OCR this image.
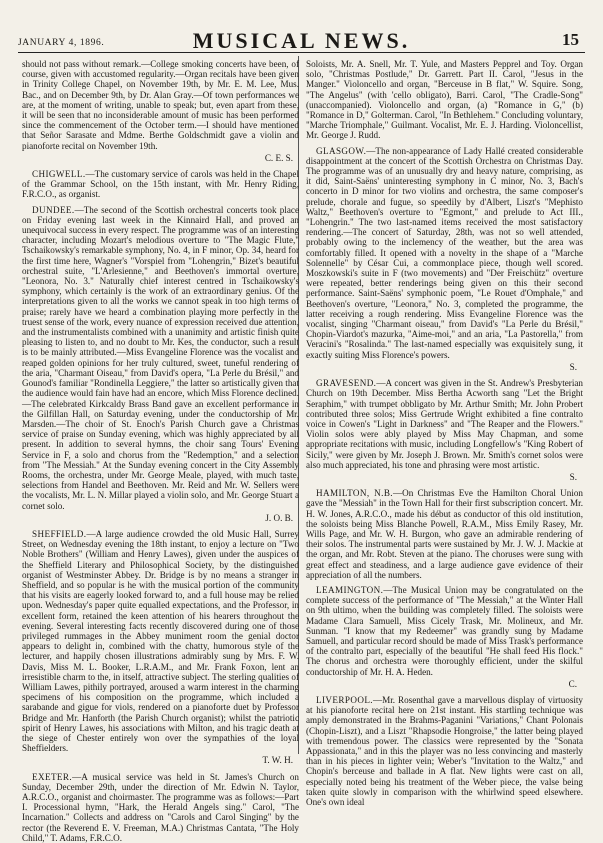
JANUARY 4, 1896.	MUSICAL NEWS.	15

should not pass without remark.—College smoking concerts have been, of course, given with accustomed regularity.—Organ recitals have been given in Trinity College Chapel, on November 19th, by Mr. E. M. Lee, Mus. Bac., and on December 9th, by Dr. Alan Gray.—Of town performances we are, at the moment of writing, unable to speak; but, even apart from these, it will be seen that no inconsiderable amount of music has been performed since the commencement of the October term.—I should have mentioned that Señor Sarasate and Mdme. Berthe Goldschmidt gave a violin and pianoforte recital on November 19th.

C. E. S.

CHIGWELL.—The customary service of carols was held in the Chapel of the Grammar School, on the 15th instant, with Mr. Henry Riding, F.R.C.O., as organist.

DUNDEE.—The second of the Scottish orchestral concerts took place on Friday evening last week in the Kinnaird Hall, and proved an unequivocal success in every respect. The programme was of an interesting character, including Mozart's melodious overture to "The Magic Flute," Tschaikowsky's remarkable symphony, No. 4, in F minor, Op. 34, heard for the first time here, Wagner's "Vorspiel from "Lohengrin," Bizet's beautiful orchestral suite, "L'Arlesienne," and Beethoven's immortal overture, "Leonora, No. 3." Naturally chief interest centred in Tschaikowsky's symphony, which certainly is the work of an extraordinary genius. Of the interpretations given to all the works we cannot speak in too high terms of praise; rarely have we heard a combination playing more perfectly in the truest sense of the work, every nuance of expression received due attention, and the instrumentalists combined with a unanimity and artistic finish quite pleasing to listen to, and no doubt to Mr. Kes, the conductor, such a result is to be mainly attributed.—Miss Evangeline Florence was the vocalist and reaped golden opinions for her truly cultured, sweet, tuneful rendering of the aria, "Charmant Oiseau," from David's opera, "La Perle du Brésil," and Gounod's familiar "Rondinella Leggiere," the latter so artistically given that the audience would fain have had an encore, which Miss Florence declined.—The celebrated Kirkcaldy Brass Band gave an excellent performance in the Gilfillan Hall, on Saturday evening, under the conductorship of Mr. Marsden.—The choir of St. Enoch's Parish Church gave a Christmas service of praise on Sunday evening, which was highly appreciated by all present. In addition to several hymns, the choir sang Tours' Evening Service in F, a solo and chorus from the "Redemption," and a selection from "The Messiah." At the Sunday evening concert in the City Assembly Rooms, the orchestra, under Mr. George Meale, played, with much taste, selections from Handel and Beethoven. Mr. Reid and Mr. W. Sellers were the vocalists, Mr. L. N. Millar played a violin solo, and Mr. George Stuart a cornet solo.

J. O. B.

SHEFFIELD.—A large audience crowded the old Music Hall, Surrey Street, on Wednesday evening the 18th instant, to enjoy a lecture on "Two Noble Brothers" (William and Henry Lawes), given under the auspices of the Sheffield Literary and Philosophical Society, by the distinguished organist of Westminster Abbey. Dr. Bridge is by no means a stranger in Sheffield, and so popular is he with the musical portion of the community that his visits are eagerly looked forward to, and a full house may be relied upon. Wednesday's paper quite equalled expectations, and the Professor, in excellent form, retained the keen attention of his hearers throughout the evening. Several interesting facts recently discovered during one of those privileged rummages in the Abbey muniment room the genial doctor appears to delight in, combined with the chatty, humorous style of the lecturer, and happily chosen illustrations admirably sung by Mrs. F. W. Davis, Miss M. L. Booker, L.R.A.M., and Mr. Frank Foxon, lent an irresistible charm to the, in itself, attractive subject. The sterling qualities of William Lawes, pithily portrayed, aroused a warm interest in the charming specimens of his composition on the programme, which included a sarabande and gigue for viols, rendered on a pianoforte duet by Professor Bridge and Mr. Hanforth (the Parish Church organist); whilst the patriotic spirit of Henry Lawes, his associations with Milton, and his tragic death at the siege of Chester entirely won over the sympathies of the loyal Sheffielders.

T. W. H.

EXETER.—A musical service was held in St. James's Church on Sunday, December 29th, under the direction of Mr. Edwin N. Taylor, A.R.C.O., organist and choirmaster. The programme was as follows:—Part I. Processional hymn, "Hark, the Herald Angels sing." Carol, "The Incarnation." Collects and address on "Carols and Carol Singing" by the rector (the Reverend E. V. Freeman, M.A.) Christmas Cantata, "The Holy Child," T. Adams, F.R.C.O.

Soloists, Mr. A. Snell, Mr. T. Yule, and Masters Pepprel and Toy. Organ solo, "Christmas Postlude," Dr. Garrett. Part II. Carol, "Jesus in the Manger." Violoncello and organ, "Berceuse in B flat," W. Squire. Song, "The Angelus" (with 'cello obligato), Barri. Carol, "The Cradle-Song" (unaccompanied). Violoncello and organ, (a) "Romance in G," (b) "Romance in D," Golterman. Carol, "In Bethlehem." Concluding voluntary, "Marche Triomphale," Guilmant. Vocalist, Mr. E. J. Harding. Violoncellist, Mr. George J. Rudd.

GLASGOW.—The non-appearance of Lady Hallé created considerable disappointment at the concert of the Scottish Orchestra on Christmas Day. The programme was of an unusually dry and heavy nature, comprising, as it did, Saint-Saëns' uninteresting symphony in C minor, No. 3, Bach's concerto in D minor for two violins and orchestra, the same composer's prelude, chorale and fugue, so speedily by d'Albert, Liszt's "Mephisto Waltz," Beethoven's overture to "Egmont," and prelude to Act III., "Lohengrin." The two last-named items received the most satisfactory rendering.—The concert of Saturday, 28th, was not so well attended, probably owing to the inclemency of the weather, but the area was comfortably filled. It opened with a novelty in the shape of a "Marche Solennelle" by César Cui, a commonplace piece, though well scored. Moszkowski's suite in F (two movements) and "Der Freischütz" overture were repeated, better renderings being given on this their second performance. Saint-Saëns' symphonic poem, "Le Rouet d'Omphale," and Beethoven's overture, "Leonora," No. 3, completed the programme, the latter receiving a rough rendering. Miss Evangeline Florence was the vocalist, singing "Charmant oiseau," from David's "La Perle du Brésil," Chopin-Viardot's mazurka, "Aime-moi," and an aria, "La Pastorella," from Veracini's "Rosalinda." The last-named especially was exquisitely sung, it exactly suiting Miss Florence's powers.

S.

GRAVESEND.—A concert was given in the St. Andrew's Presbyterian Church on 19th December. Miss Bertha Acworth sang "Let the Bright Seraphim," with trumpet obbligato by Mr. Arthur Smith; Mr. John Probert contributed three solos; Miss Gertrude Wright exhibited a fine contralto voice in Cowen's "Light in Darkness" and "The Reaper and the Flowers." Violin solos were ably played by Miss May Chapman, and some appropriate recitations with music, including Longfellow's "King Robert of Sicily," were given by Mr. Joseph J. Brown. Mr. Smith's cornet solos were also much appreciated, his tone and phrasing were most artistic.

S.

HAMILTON, N.B.—On Christmas Eve the Hamilton Choral Union gave the "Messiah" in the Town Hall for their first subscription concert. Mr. H. W. Jones, A.R.C.O., made his début as conductor of this old institution, the soloists being Miss Blanche Powell, R.A.M., Miss Emily Rasey, Mr. Wills Page, and Mr. W. H. Burgon, who gave an admirable rendering of their solos. The instrumental parts were sustained by Mr. J. W. J. Mackie at the organ, and Mr. Robt. Steven at the piano. The choruses were sung with great effect and steadiness, and a large audience gave evidence of their appreciation of all the numbers.

LEAMINGTON.—The Musical Union may be congratulated on the complete success of the performance of "The Messiah," at the Winter Hall on 9th ultimo, when the building was completely filled. The soloists were Madame Clara Samuell, Miss Cicely Trask, Mr. Molineux, and Mr. Sunman. "I know that my Redeemer" was grandly sung by Madame Samuell, and particular record should be made of Miss Trask's performance of the contralto part, especially of the beautiful "He shall feed His flock." The chorus and orchestra were thoroughly efficient, under the skilful conductorship of Mr. H. A. Heden.

C.

LIVERPOOL.—Mr. Rosenthal gave a marvellous display of virtuosity at his pianoforte recital here on 21st instant. His startling technique was amply demonstrated in the Brahms-Paganini "Variations," Chant Polonais (Chopin-Liszt), and a Liszt "Rhapsodie Hongroise," the latter being played with tremendous power. The classics were represented by the "Sonata Appassionata," and in this the player was no less convincing and masterly than in his pieces in lighter vein; Weber's "Invitation to the Waltz," and Chopin's berceuse and ballade in A flat. New lights were cast on all, especially noted being his treatment of the Weber piece, the valse being taken quite slowly in comparison with the whirlwind speed elsewhere. One's own ideal
